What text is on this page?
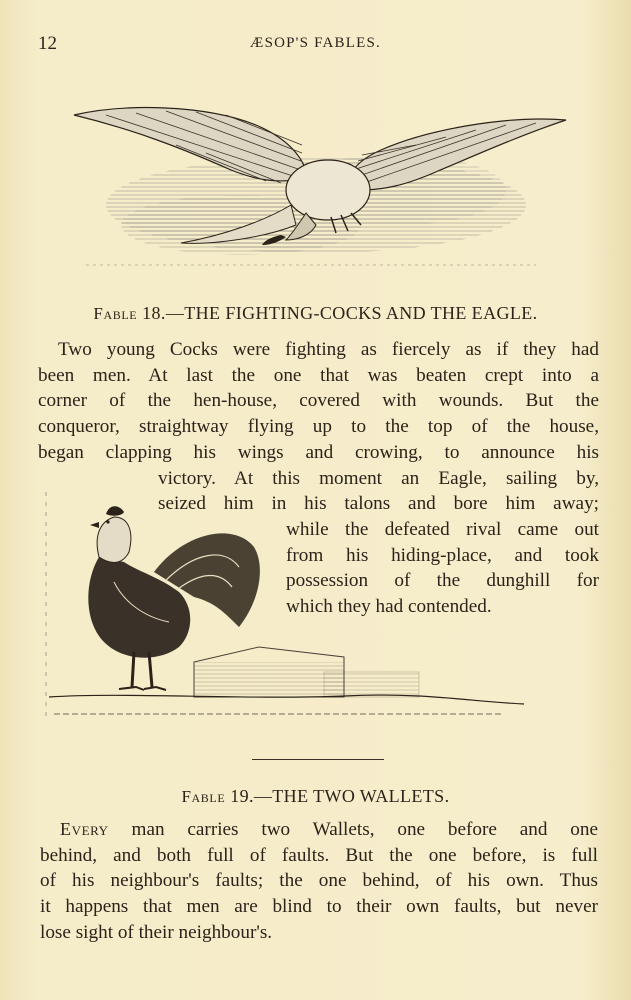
12	ÆSOP'S FABLES.
Fable 18.—THE FIGHTING-COCKS AND THE EAGLE.
Two young Cocks were fighting as fiercely as if they had
been men. At last the one that was beaten crept into a
corner of the hen-house, covered with wounds. But the
conqueror, straightway flying up to the top of the house,
began clapping his wings and crowing, to announce his
victory. At this moment an Eagle, sailing by,
seized him in his talons and bore him away;
while the defeated rival came out
from his hiding-place, and took
possession of the dunghill for
which they had contended.
Fable 19.—THE TWO WALLETS.
Every man carries two Wallets, one before and one
behind, and both full of faults. But the one before, is full
of his neighbour's faults; the one behind, of his own. Thus
it happens that men are blind to their own faults, but never
lose sight of their neighbour's.
